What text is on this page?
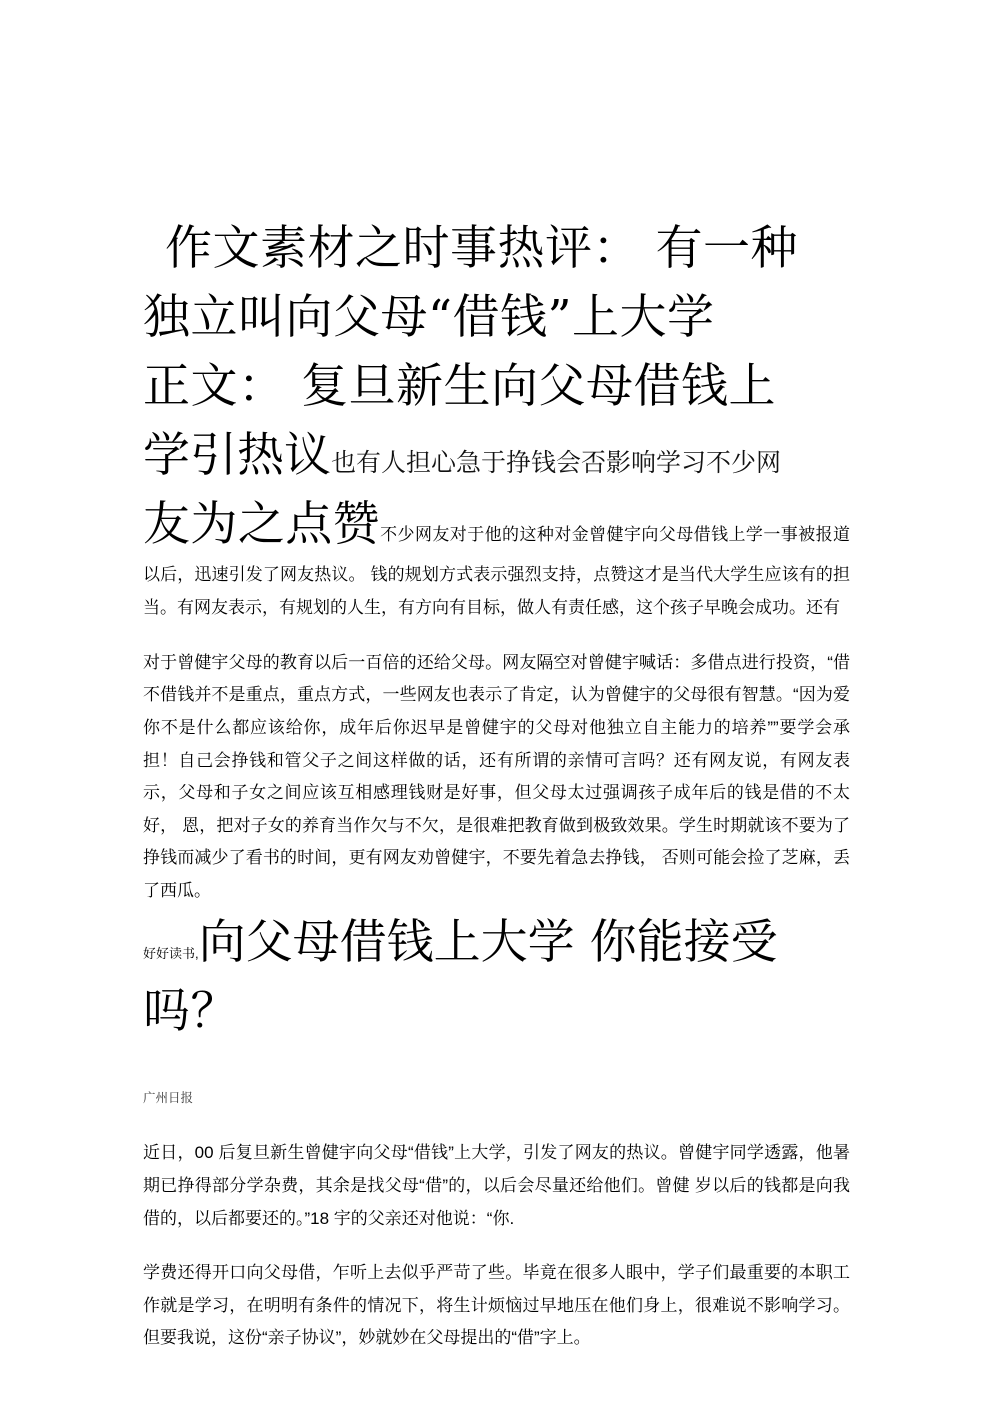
作文素材之时事热评： 有一种
独立叫向父母“借钱”上大学
正文： 复旦新生向父母借钱上

学引热议也有人担心急于挣钱会否影响学习不少网

友为之点赞不少网友对于他的这种对金曾健宇向父母借钱上学一事被报道以后，迅速引发了网友热议。 钱的规划方式表示强烈支持，点赞这才是当代大学生应该有的担当。有网友表示，有规划的人生，有方向有目标，做人有责任感，这个孩子早晚会成功。还有

对于曾健宇父母的教育以后一百倍的还给父母。网友隔空对曾健宇喊话：多借点进行投资，“借不借钱并不是重点，重点方式，一些网友也表示了肯定，认为曾健宇的父母很有智慧。“因为爱你不是什么都应该给你，成年后你迟早是曾健宇的父母对他独立自主能力的培养””要学会承担！自己会挣钱和管父子之间这样做的话，还有所谓的亲情可言吗？还有网友说，有网友表示，父母和子女之间应该互相感理钱财是好事，但父母太过强调孩子成年后的钱是借的不太好， 恩，把对子女的养育当作欠与不欠，是很难把教育做到极致效果。学生时期就该不要为了挣钱而减少了看书的时间，更有网友劝曾健宇，不要先着急去挣钱， 否则可能会捡了芝麻，丢了西瓜。

好好读书,向父母借钱上大学 你能接受

吗？

广州日报

近日，00 后复旦新生曾健宇向父母“借钱”上大学，引发了网友的热议。曾健宇同学透露，他暑期已挣得部分学杂费，其余是找父母“借”的，以后会尽量还给他们。曾健 岁以后的钱都是向我借的，以后都要还的。”18 宇的父亲还对他说：“你.

学费还得开口向父母借，乍听上去似乎严苛了些。毕竟在很多人眼中，学子们最重要的本职工作就是学习，在明明有条件的情况下，将生计烦恼过早地压在他们身上，很难说不影响学习。但要我说，这份“亲子协议”，妙就妙在父母提出的“借”字上。
